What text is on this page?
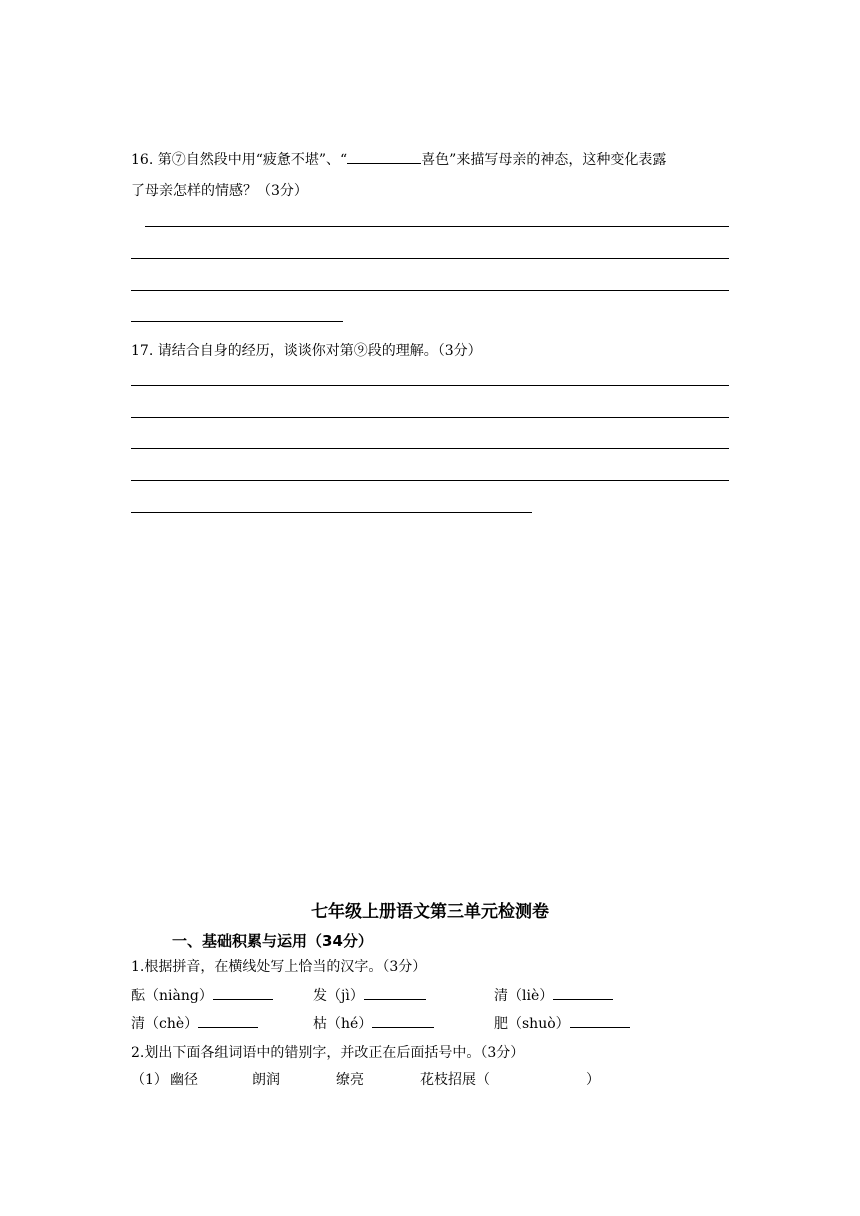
16. 第⑦自然段中用“疲惫不堪”、“	喜色”来描写母亲的神态，这种变化表露
了母亲怎样的情感？（3分）
17. 请结合自身的经历，谈谈你对第⑨段的理解。（3分）
七年级上册语文第三单元检测卷
一、基础积累与运用（34分）
1.根据拼音，在横线处写上恰当的汉字。（3分）
酝（niàng）	发（jì）	清（liè）
清（chè）	枯（hé）	肥（shuò）
2.划出下面各组词语中的错别字，并改正在后面括号中。（3分）
（1） 幽径	朗润	缭亮	花枝招展（	）
